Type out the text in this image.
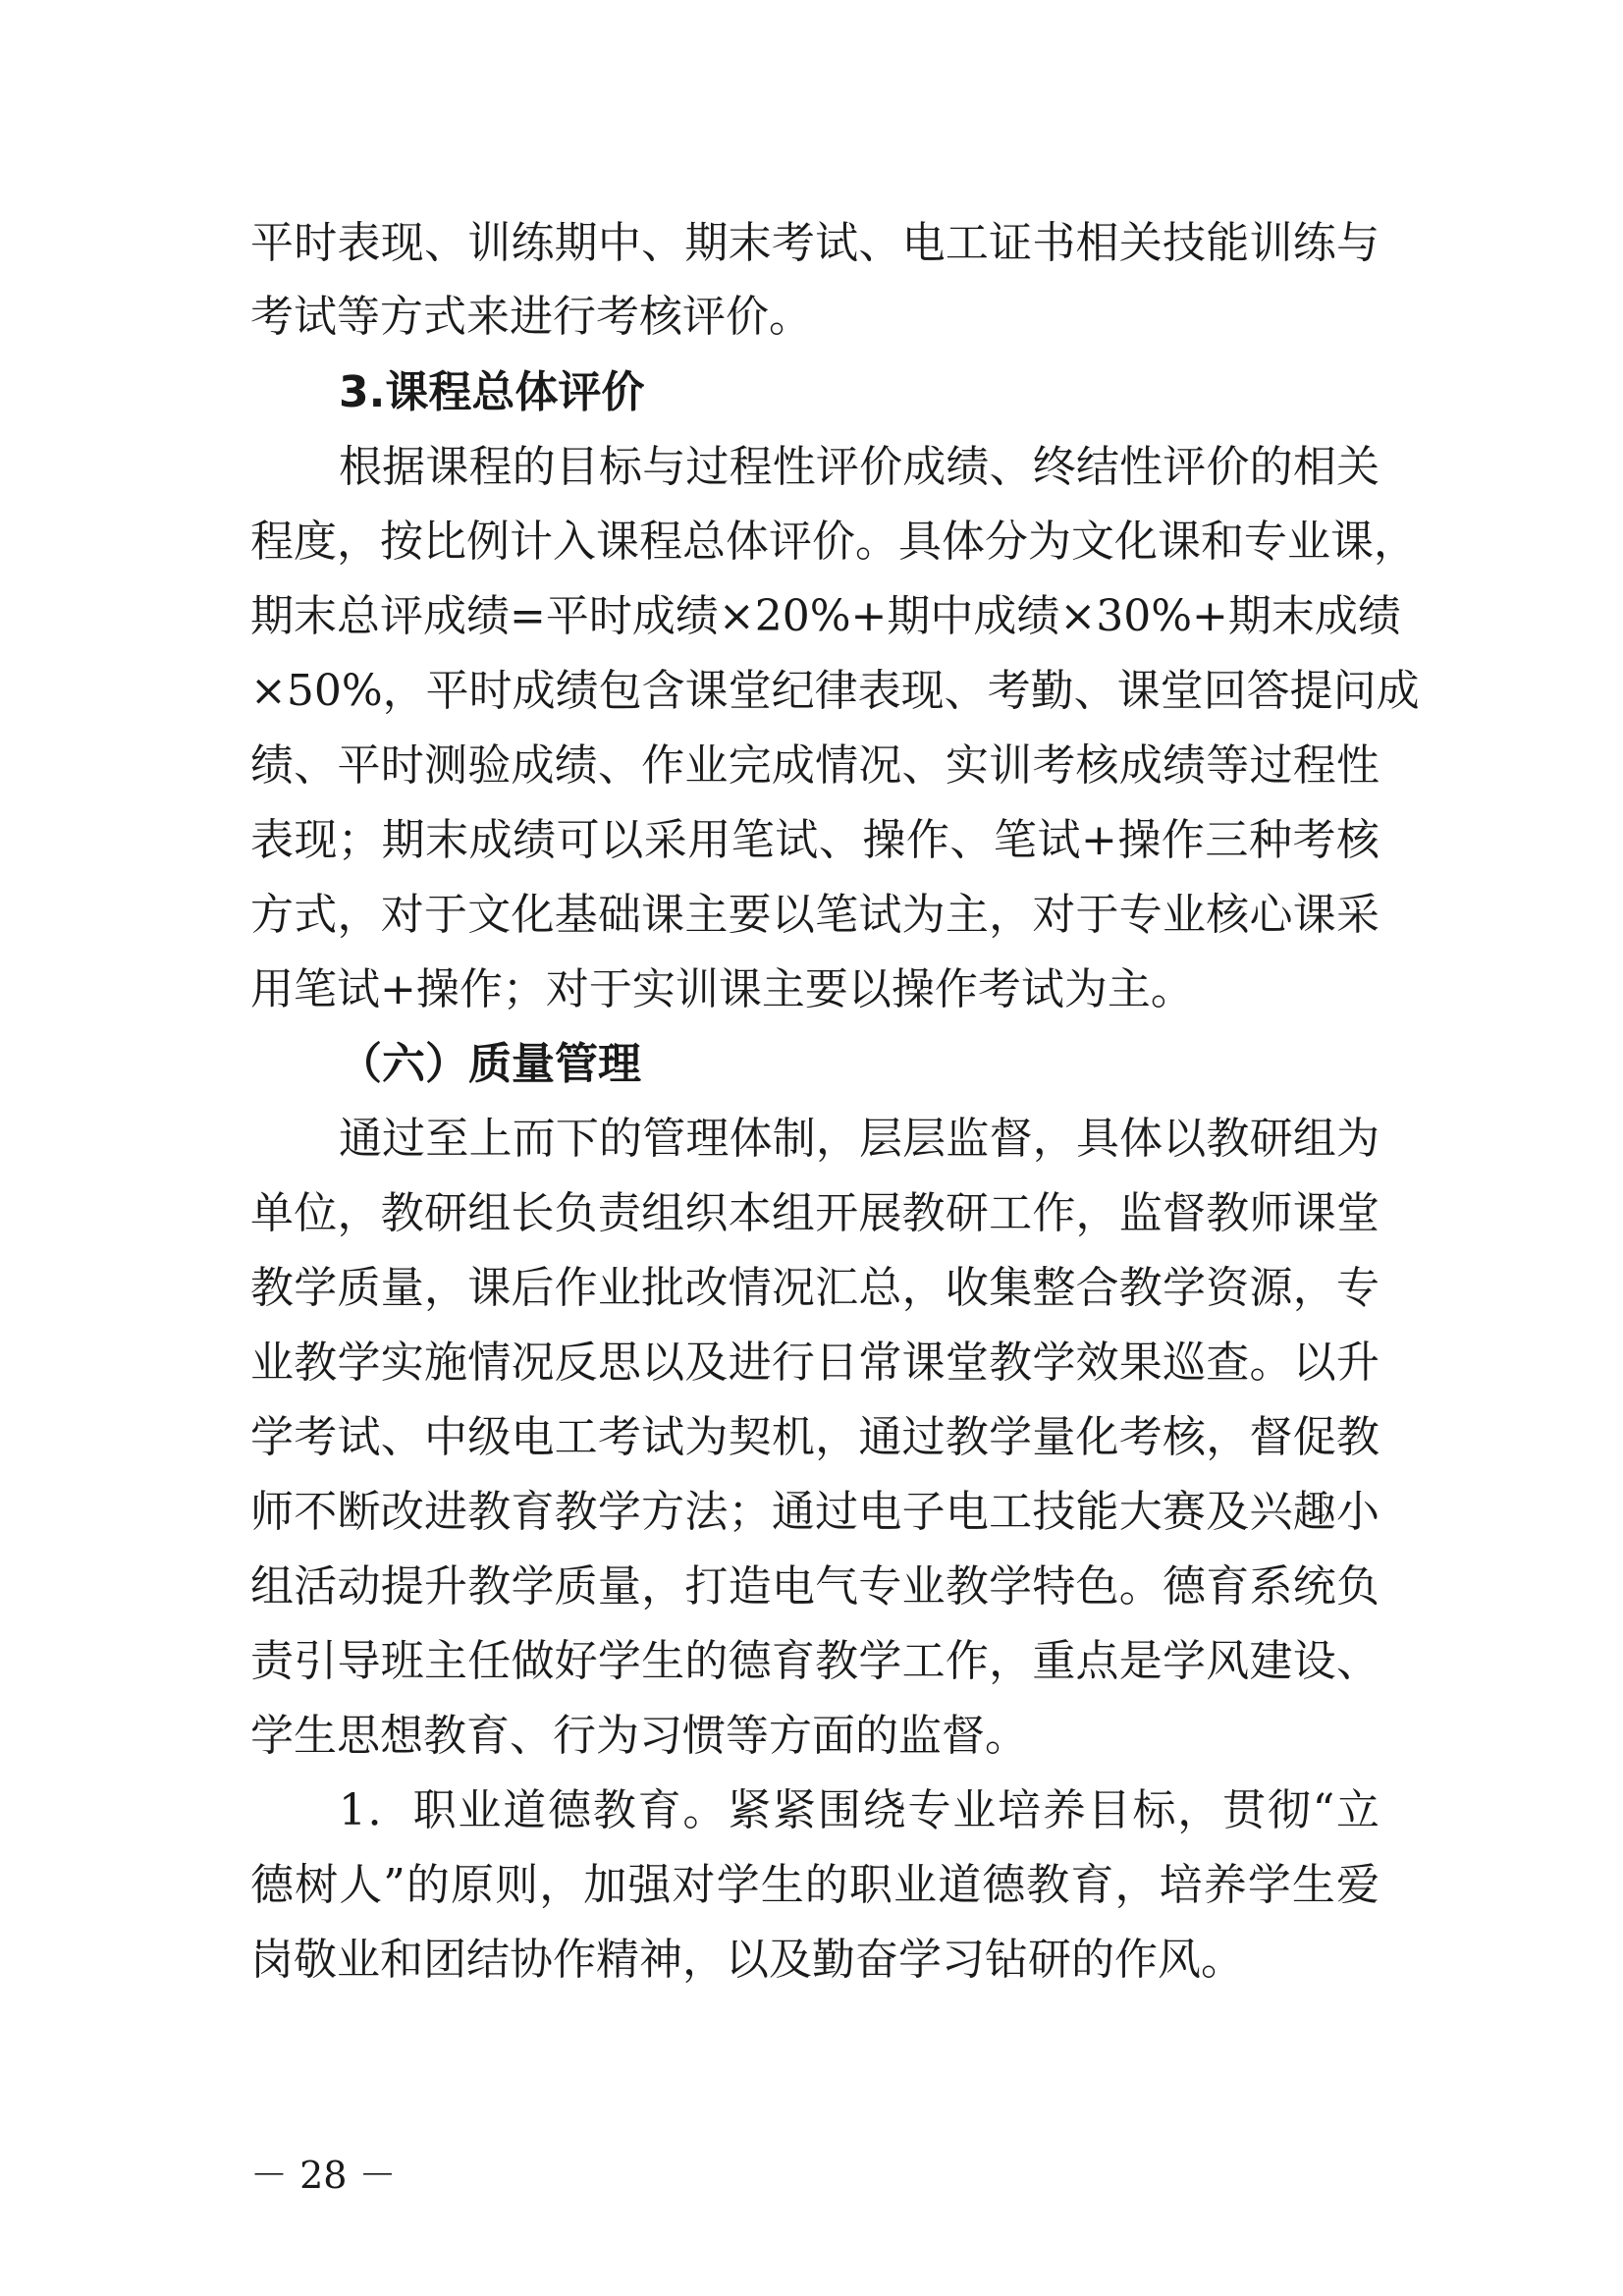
平时表现、训练期中、期末考试、电工证书相关技能训练与
考试等方式来进行考核评价。
3.课程总体评价
根据课程的目标与过程性评价成绩、终结性评价的相关
程度，按比例计入课程总体评价。具体分为文化课和专业课，
期末总评成绩=平时成绩×20%+期中成绩×30%+期末成绩
×50%，平时成绩包含课堂纪律表现、考勤、课堂回答提问成
绩、平时测验成绩、作业完成情况、实训考核成绩等过程性
表现；期末成绩可以采用笔试、操作、笔试+操作三种考核
方式，对于文化基础课主要以笔试为主，对于专业核心课采
用笔试+操作；对于实训课主要以操作考试为主。
（六）质量管理
通过至上而下的管理体制，层层监督，具体以教研组为
单位，教研组长负责组织本组开展教研工作，监督教师课堂
教学质量，课后作业批改情况汇总，收集整合教学资源，专
业教学实施情况反思以及进行日常课堂教学效果巡查。以升
学考试、中级电工考试为契机，通过教学量化考核，督促教
师不断改进教育教学方法；通过电子电工技能大赛及兴趣小
组活动提升教学质量，打造电气专业教学特色。德育系统负
责引导班主任做好学生的德育教学工作，重点是学风建设、
学生思想教育、行为习惯等方面的监督。
1．职业道德教育。紧紧围绕专业培养目标，贯彻“立
德树人”的原则，加强对学生的职业道德教育，培养学生爱
岗敬业和团结协作精神，以及勤奋学习钻研的作风。
－ 28 －
